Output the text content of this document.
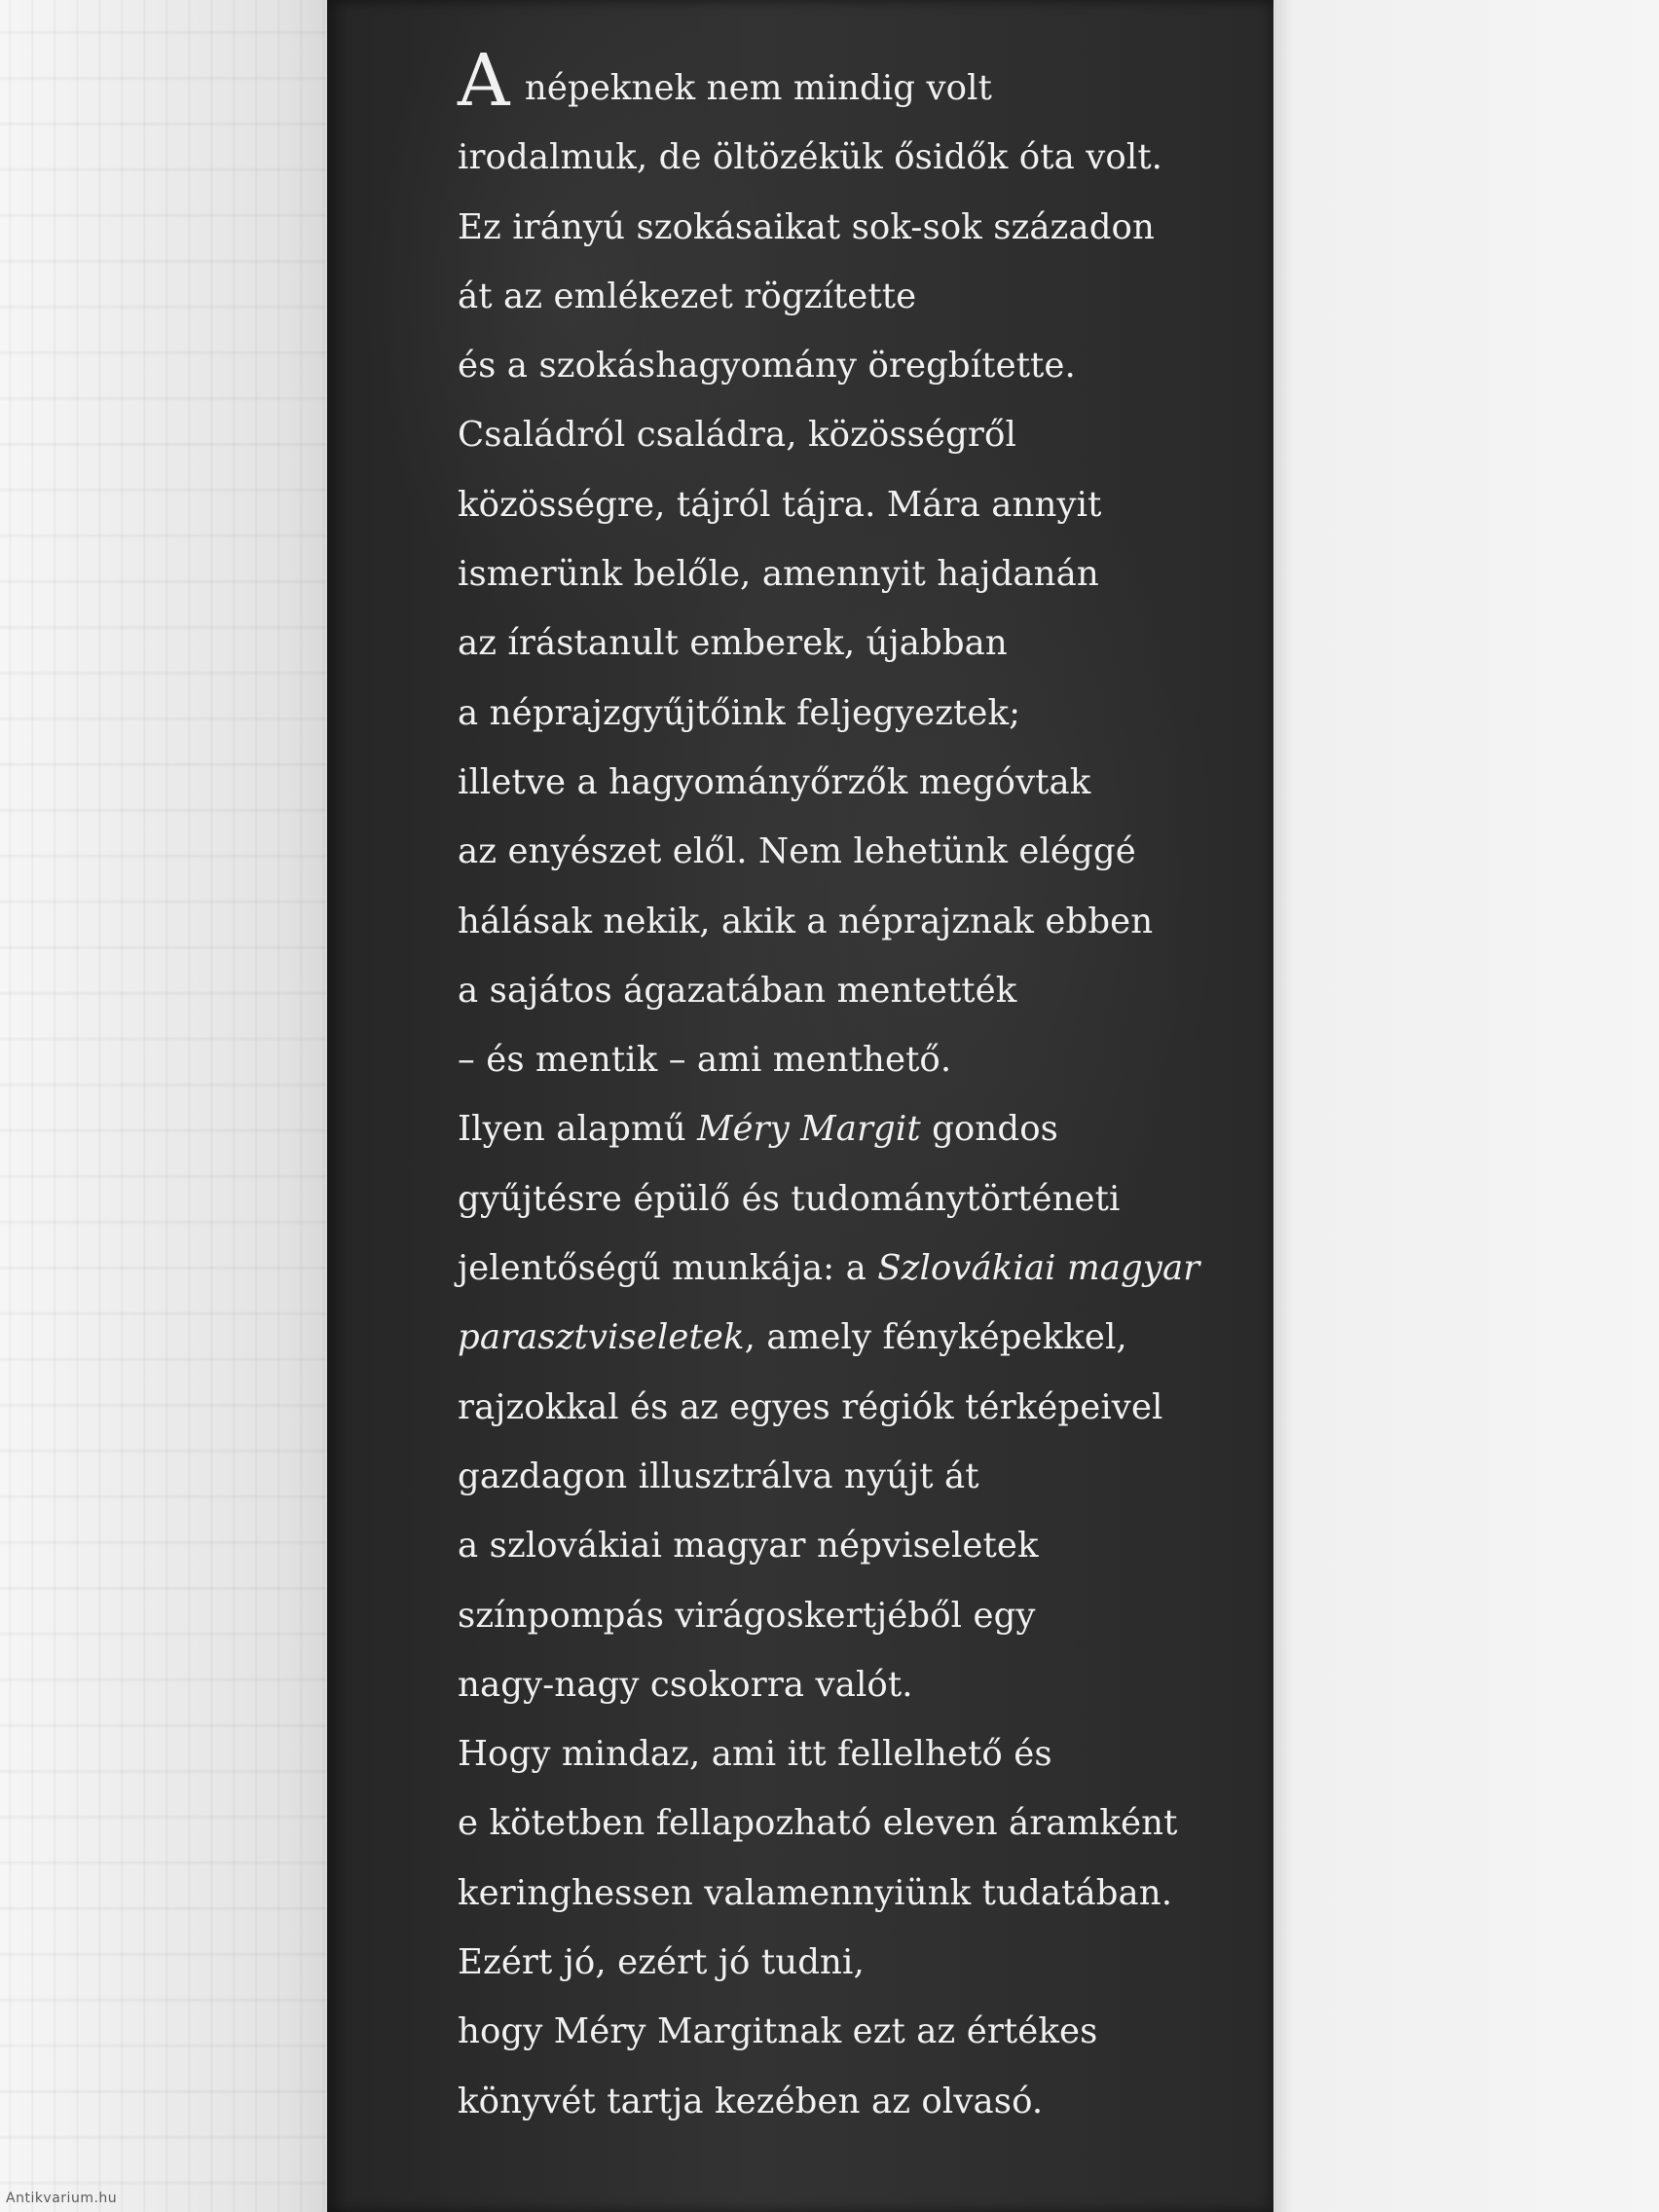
A népeknek nem mindig volt
irodalmuk, de öltözékük ősidők óta volt.
Ez irányú szokásaikat sok-sok századon
át az emlékezet rögzítette
és a szokáshagyomány öregbítette.
Családról családra, közösségről
közösségre, tájról tájra. Mára annyit
ismerünk belőle, amennyit hajdanán
az írástanult emberek, újabban
a néprajzgyűjtőink feljegyeztek;
illetve a hagyományőrzők megóvtak
az enyészet elől. Nem lehetünk eléggé
hálásak nekik, akik a néprajznak ebben
a sajátos ágazatában mentették
– és mentik – ami menthető.
Ilyen alapmű Méry Margit gondos
gyűjtésre épülő és tudománytörténeti
jelentőségű munkája: a Szlovákiai magyar
parasztviseletek, amely fényképekkel,
rajzokkal és az egyes régiók térképeivel
gazdagon illusztrálva nyújt át
a szlovákiai magyar népviseletek
színpompás virágoskertjéből egy
nagy-nagy csokorra valót.
Hogy mindaz, ami itt fellelhető és
e kötetben fellapozható eleven áramként
keringhessen valamennyiünk tudatában.
Ezért jó, ezért jó tudni,
hogy Méry Margitnak ezt az értékes
könyvét tartja kezében az olvasó.
Antikvarium.hu
